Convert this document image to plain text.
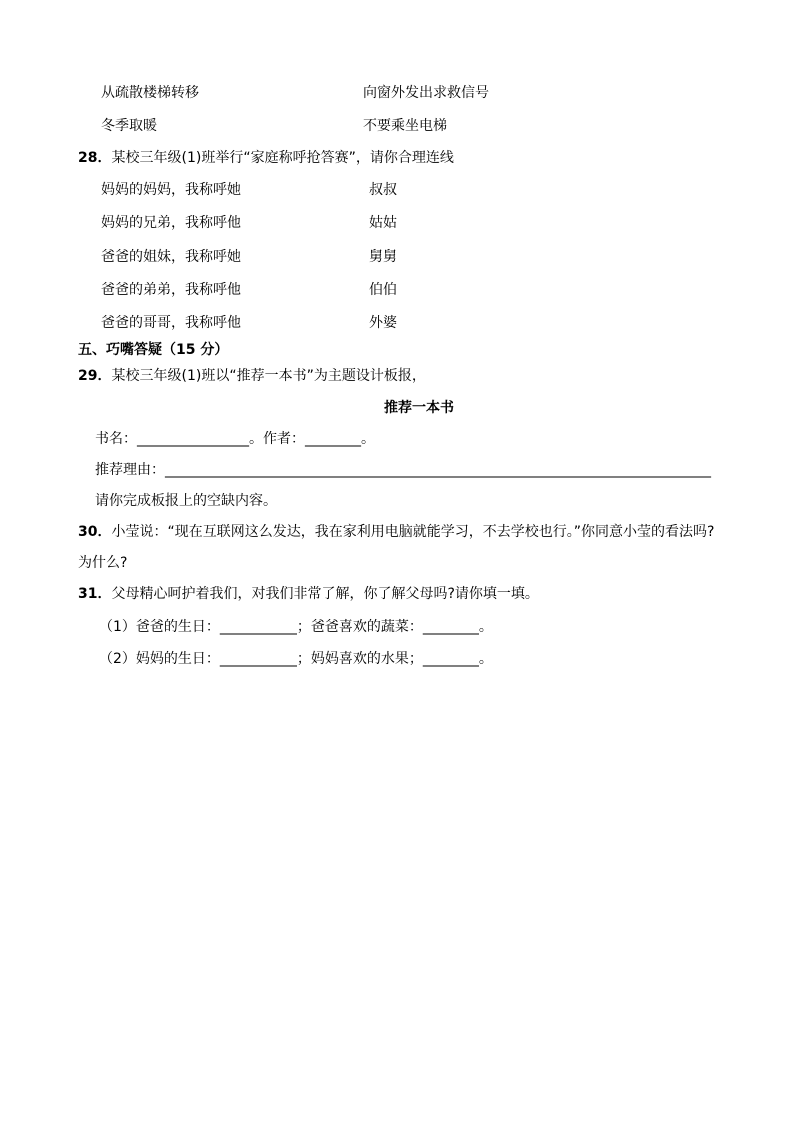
从疏散楼梯转移	向窗外发出求救信号
冬季取暖	不要乘坐电梯
28．某校三年级(1)班举行“家庭称呼抢答赛”，请你合理连线
妈妈的妈妈，我称呼她	叔叔
妈妈的兄弟，我称呼他	姑姑
爸爸的姐妹，我称呼她	舅舅
爸爸的弟弟，我称呼他	伯伯
爸爸的哥哥，我称呼他	外婆
五、巧嘴答疑（15 分）
29．某校三年级(1)班以“推荐一本书”为主题设计板报，
推荐一本书
书名：________________。作者：________。
推荐理由：______________________________________________________________________________
请你完成板报上的空缺内容。
30．小莹说：“现在互联网这么发达，我在家利用电脑就能学习，不去学校也行。”你同意小莹的看法吗?
为什么?
31．父母精心呵护着我们，对我们非常了解，你了解父母吗?请你填一填。
（1）爸爸的生日：___________；爸爸喜欢的蔬菜：________。
（2）妈妈的生日：___________；妈妈喜欢的水果；________。
